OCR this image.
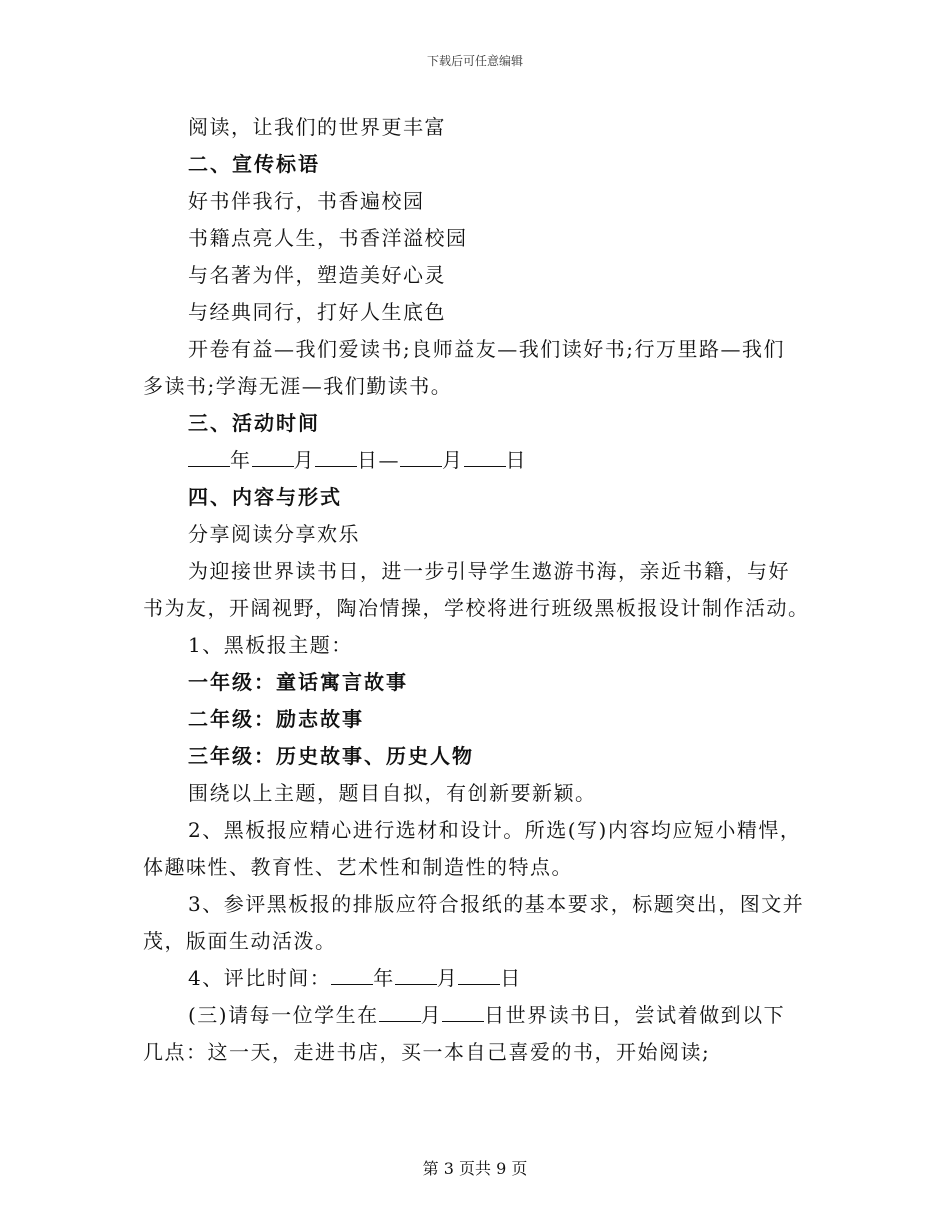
下载后可任意编辑
阅读，让我们的世界更丰富
二、宣传标语
好书伴我行，书香遍校园
书籍点亮人生，书香洋溢校园
与名著为伴，塑造美好心灵
与经典同行，打好人生底色
开卷有益—我们爱读书;良师益友—我们读好书;行万里路—我们
多读书;学海无涯—我们勤读书。
三、活动时间
年 月 日— 月 日
四、内容与形式
分享阅读分享欢乐
为迎接世界读书日，进一步引导学生遨游书海，亲近书籍，与好
书为友，开阔视野，陶冶情操，学校将进行班级黑板报设计制作活动。
1、黑板报主题：
一年级：童话寓言故事
二年级：励志故事
三年级：历史故事、历史人物
围绕以上主题，题目自拟，有创新要新颖。
2、黑板报应精心进行选材和设计。所选(写)内容均应短小精悍，
体趣味性、教育性、艺术性和制造性的特点。
3、参评黑板报的排版应符合报纸的基本要求，标题突出，图文并
茂，版面生动活泼。
4、评比时间： 年 月 日
(三)请每一位学生在 月 日世界读书日，尝试着做到以下
几点：这一天，走进书店，买一本自己喜爱的书，开始阅读;
第 3 页共 9 页
